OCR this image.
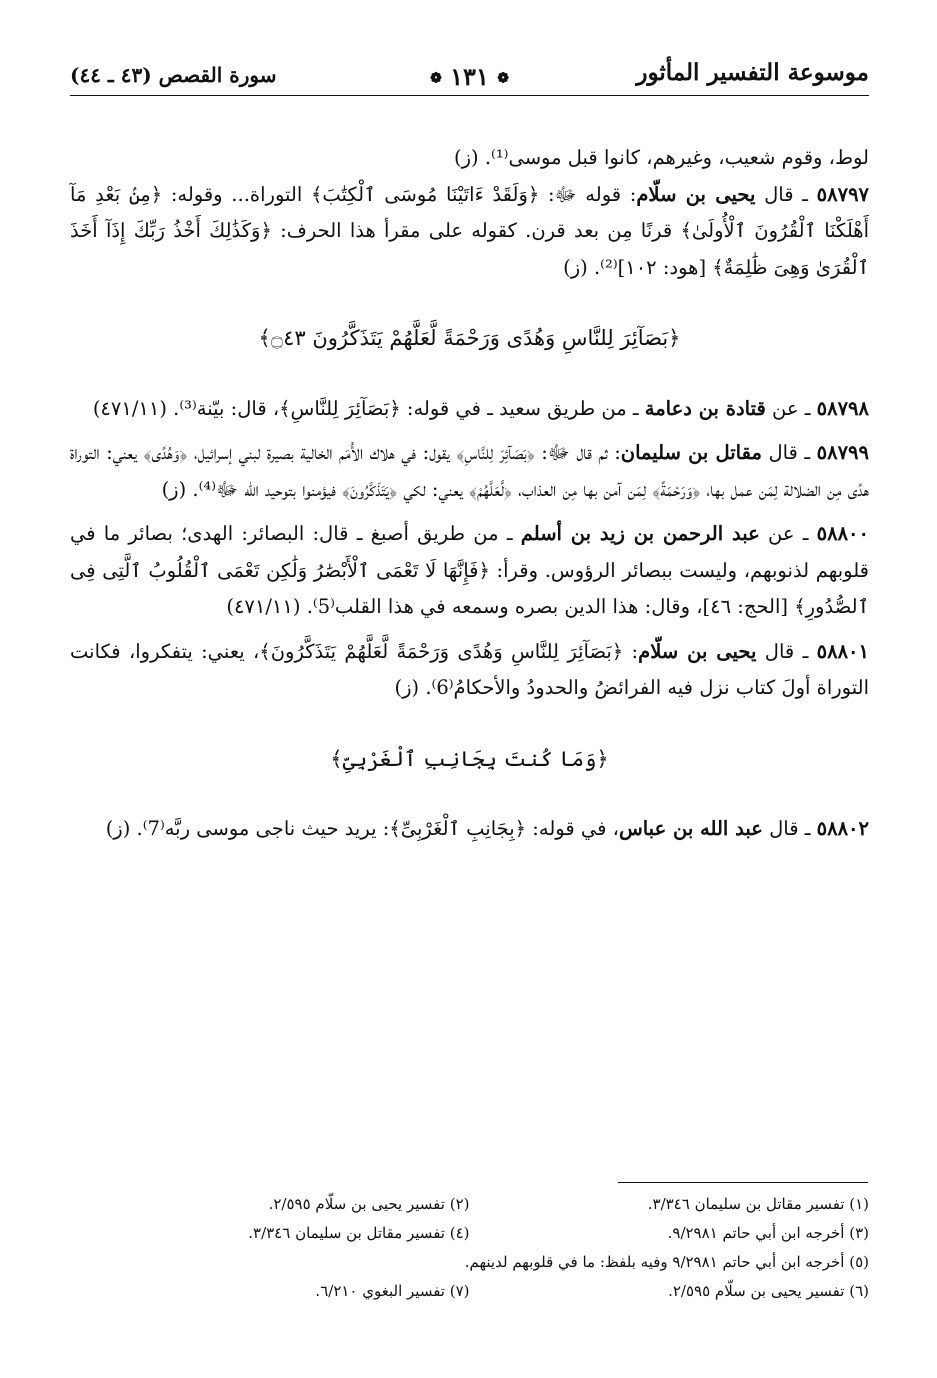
موسوعة التفسير المأثور
❁ ١٣١ ❁
سورة القصص (٤٣ ـ ٤٤)

لوط، وقوم شعيب، وغيرهم، كانوا قبل موسى⁽¹⁾. (ز)

٥٨٧٩٧ ـ قال يحيى بن سلّام: قوله ﷻ: ﴿وَلَقَدْ ءَاتَيْنَا مُوسَى ٱلْكِتَٰبَ﴾ التوراة... وقوله: ﴿مِنۢ بَعْدِ مَآ أَهْلَكْنَا ٱلْقُرُونَ ٱلْأُولَىٰ﴾ قرنًا مِن بعد قرن. كقوله على مقرأ هذا الحرف: ﴿وَكَذَٰلِكَ أَخْذُ رَبِّكَ إِذَآ أَخَذَ ٱلْقُرَىٰ وَهِىَ ظَٰلِمَةٌ﴾ [هود: ١٠٢]⁽²⁾. (ز)

﴿بَصَآئِرَ لِلنَّاسِ وَهُدًى وَرَحْمَةً لَّعَلَّهُمْ يَتَذَكَّرُونَ ۝٤٣﴾

٥٨٧٩٨ ـ عن قتادة بن دعامة ـ من طريق سعيد ـ في قوله: ﴿بَصَآئِرَ لِلنَّاسِ﴾، قال: بيّنة⁽³⁾. (٤٧١/١١)

٥٨٧٩٩ ـ قال مقاتل بن سليمان: ثم قال ﷻ: ﴿بَصَآئِرَ لِلنَّاسِ﴾ يقول: في هلاك الأُمَم الخالية بصيرة لبني إسرائيل، ﴿وَهُدًى﴾ يعني: التوراة هدًى مِن الضلالة لِمَن عمل بها، ﴿وَرَحْمَةً﴾ لِمَن آمن بها مِن العذاب، ﴿لَّعَلَّهُمْ﴾ يعني: لكي ﴿يَتَذَكَّرُونَ﴾ فيؤمنوا بتوحيد الله ﷻ⁽⁴⁾. (ز)

٥٨٨٠٠ ـ عن عبد الرحمن بن زيد بن أسلم ـ من طريق أصبغ ـ قال: البصائر: الهدى؛ بصائر ما في قلوبهم لذنوبهم، وليست ببصائر الرؤوس. وقرأ: ﴿فَإِنَّهَا لَا تَعْمَى ٱلْأَبْصَٰرُ وَلَٰكِن تَعْمَى ٱلْقُلُوبُ ٱلَّتِى فِى ٱلصُّدُورِ﴾ [الحج: ٤٦]، وقال: هذا الدين بصره وسمعه في هذا القلب⁽5⁾. (٤٧١/١١)

٥٨٨٠١ ـ قال يحيى بن سلّام: ﴿بَصَآئِرَ لِلنَّاسِ وَهُدًى وَرَحْمَةً لَّعَلَّهُمْ يَتَذَكَّرُونَ﴾، يعني: يتفكروا، فكانت التوراة أولَ كتاب نزل فيه الفرائضُ والحدودُ والأحكامُ⁽6⁾. (ز)

﴿وَمَا كُنتَ بِجَانِبِ ٱلْغَرْبِىِّ﴾

٥٨٨٠٢ ـ قال عبد الله بن عباس، في قوله: ﴿بِجَانِبِ ٱلْغَرْبِىِّ﴾: يريد حيث ناجى موسى ربَّه⁽7⁾. (ز)

(١) تفسير مقاتل بن سليمان ٣/٣٤٦.
(٢) تفسير يحيى بن سلّام ٢/٥٩٥.
(٣) أخرجه ابن أبي حاتم ٩/٢٩٨١.
(٤) تفسير مقاتل بن سليمان ٣/٣٤٦.
(٥) أخرجه ابن أبي حاتم ٩/٢٩٨١ وفيه بلفظ: ما في قلوبهم لدينهم.
(٦) تفسير يحيى بن سلّام ٢/٥٩٥.
(٧) تفسير البغوي ٦/٢١٠.
